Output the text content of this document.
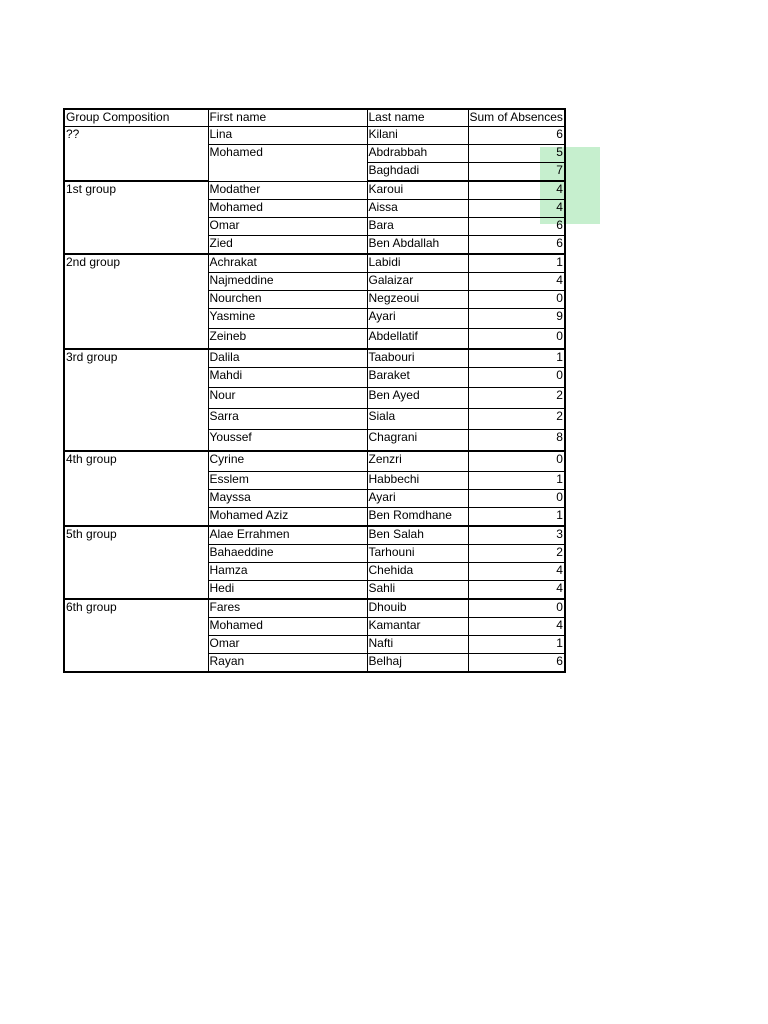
Group Composition	First name	Last name	Sum of Absences
??	Lina	Kilani	6
	Mohamed	Abdrabbah	5
		Baghdadi	7
1st group	Modather	Karoui	4
	Mohamed	Aissa	4
	Omar	Bara	6
	Zied	Ben Abdallah	6
2nd group	Achrakat	Labidi	1
	Najmeddine	Galaizar	4
	Nourchen	Negzeoui	0
	Yasmine	Ayari	9
	Zeineb	Abdellatif	0
3rd group	Dalila	Taabouri	1
	Mahdi	Baraket	0
	Nour	Ben Ayed	2
	Sarra	Siala	2
	Youssef	Chagrani	8
4th group	Cyrine	Zenzri	0
	Esslem	Habbechi	1
	Mayssa	Ayari	0
	Mohamed Aziz	Ben Romdhane	1
5th group	Alae Errahmen	Ben Salah	3
	Bahaeddine	Tarhouni	2
	Hamza	Chehida	4
	Hedi	Sahli	4
6th group	Fares	Dhouib	0
	Mohamed	Kamantar	4
	Omar	Nafti	1
	Rayan	Belhaj	6
